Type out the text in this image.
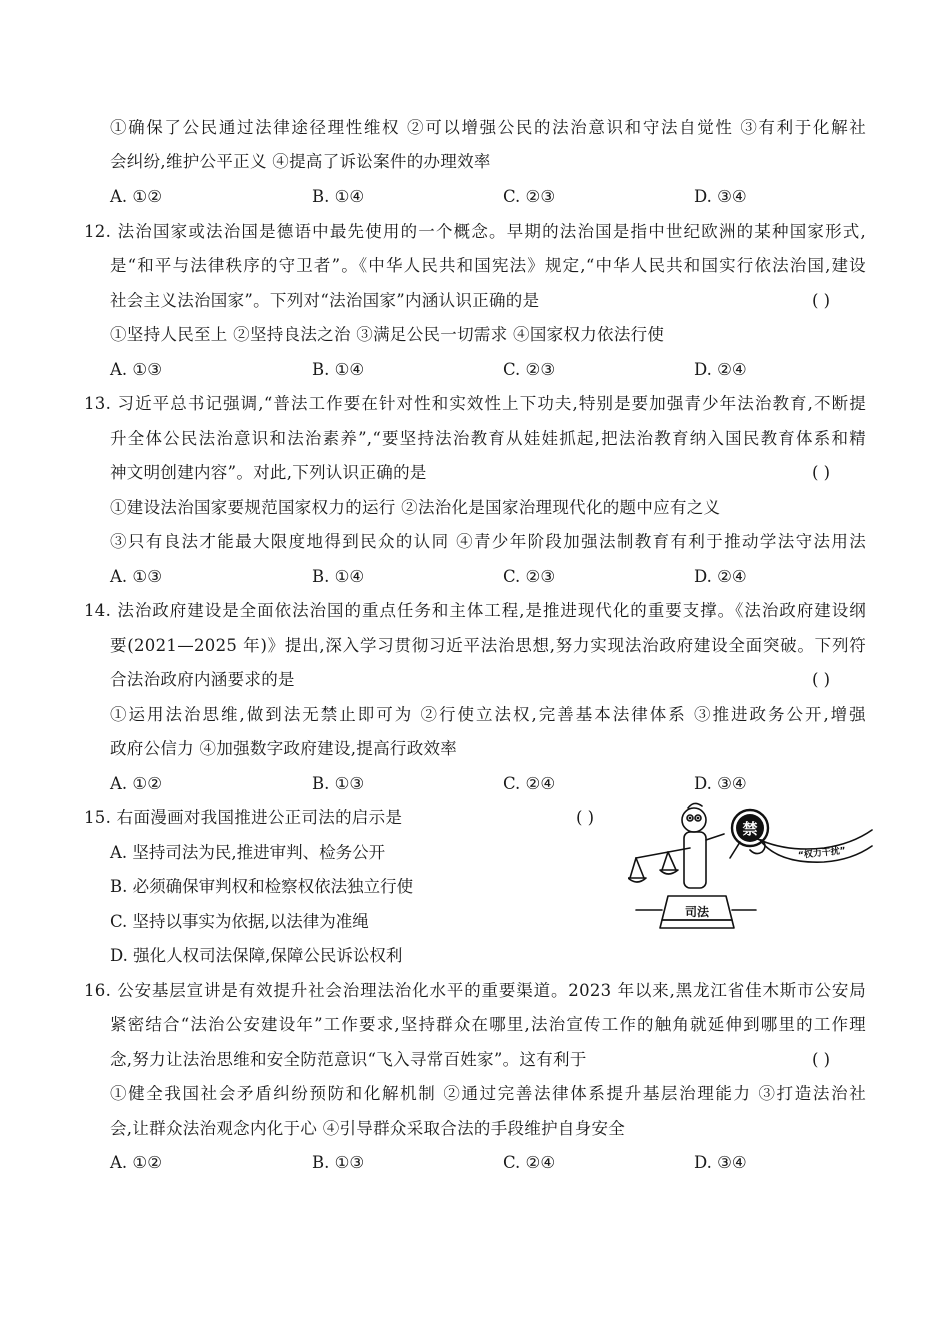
①确保了公民通过法律途径理性维权 ②可以增强公民的法治意识和守法自觉性 ③有利于化解社
会纠纷,维护公平正义 ④提高了诉讼案件的办理效率
A. ①②	B. ①④	C. ②③	D. ③④
12. 法治国家或法治国是德语中最先使用的一个概念。早期的法治国是指中世纪欧洲的某种国家形式,
是“和平与法律秩序的守卫者”。《中华人民共和国宪法》规定,“中华人民共和国实行依法治国,建设
社会主义法治国家”。下列对“法治国家”内涵认识正确的是	( )
①坚持人民至上 ②坚持良法之治 ③满足公民一切需求 ④国家权力依法行使
A. ①③	B. ①④	C. ②③	D. ②④
13. 习近平总书记强调,“普法工作要在针对性和实效性上下功夫,特别是要加强青少年法治教育,不断提
升全体公民法治意识和法治素养”,“要坚持法治教育从娃娃抓起,把法治教育纳入国民教育体系和精
神文明创建内容”。对此,下列认识正确的是	( )
①建设法治国家要规范国家权力的运行 ②法治化是国家治理现代化的题中应有之义
③只有良法才能最大限度地得到民众的认同 ④青少年阶段加强法制教育有利于推动学法守法用法
A. ①③	B. ①④	C. ②③	D. ②④
14. 法治政府建设是全面依法治国的重点任务和主体工程,是推进现代化的重要支撑。《法治政府建设纲
要(2021—2025 年)》提出,深入学习贯彻习近平法治思想,努力实现法治政府建设全面突破。下列符
合法治政府内涵要求的是	( )
①运用法治思维,做到法无禁止即可为 ②行使立法权,完善基本法律体系 ③推进政务公开,增强
政府公信力 ④加强数字政府建设,提高行政效率
A. ①②	B. ①③	C. ②④	D. ③④
15. 右面漫画对我国推进公正司法的启示是	( )
A. 坚持司法为民,推进审判、检务公开
B. 必须确保审判权和检察权依法独立行使
C. 坚持以事实为依据,以法律为准绳
D. 强化人权司法保障,保障公民诉讼权利
禁
“权力干扰”
司法
16. 公安基层宣讲是有效提升社会治理法治化水平的重要渠道。2023 年以来,黑龙江省佳木斯市公安局
紧密结合“法治公安建设年”工作要求,坚持群众在哪里,法治宣传工作的触角就延伸到哪里的工作理
念,努力让法治思维和安全防范意识“飞入寻常百姓家”。这有利于	( )
①健全我国社会矛盾纠纷预防和化解机制 ②通过完善法律体系提升基层治理能力 ③打造法治社
会,让群众法治观念内化于心 ④引导群众采取合法的手段维护自身安全
A. ①②	B. ①③	C. ②④	D. ③④
